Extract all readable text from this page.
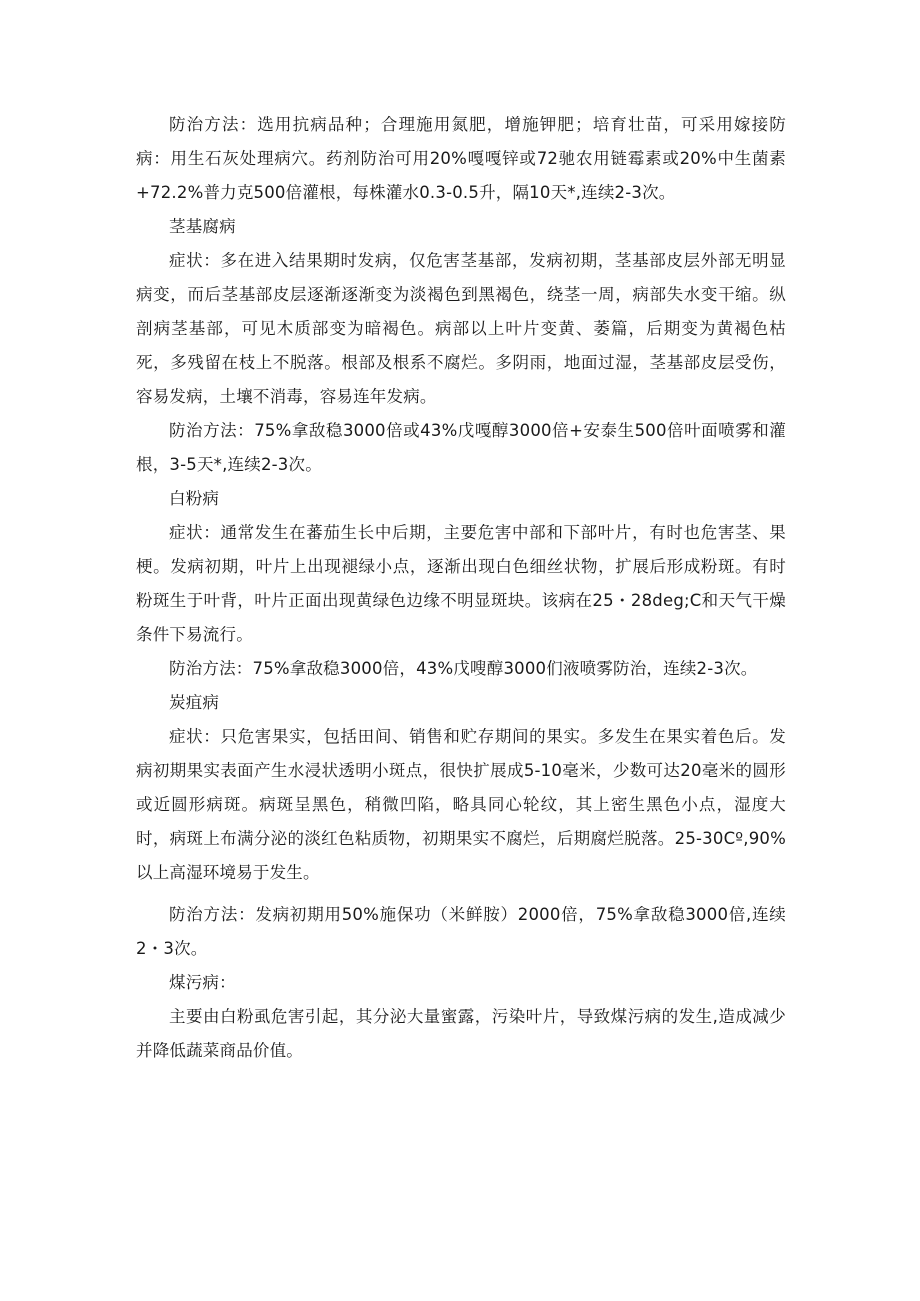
防治方法：选用抗病品种；合理施用氮肥，增施钾肥；培育壮苗，可采用嫁接防病：用生石灰处理病穴。药剂防治可用20%嘎嘎锌或72驰农用链霉素或20%中生菌素+72.2%普力克500倍灌根，每株灌水0.3-0.5升，隔10天*,连续2-3次。

茎基腐病

症状：多在进入结果期时发病，仅危害茎基部，发病初期，茎基部皮层外部无明显病变，而后茎基部皮层逐渐逐渐变为淡褐色到黑褐色，绕茎一周，病部失水变干缩。纵剖病茎基部，可见木质部变为暗褐色。病部以上叶片变黄、萎篇，后期变为黄褐色枯死，多残留在枝上不脱落。根部及根系不腐烂。多阴雨，地面过湿，茎基部皮层受伤，容易发病，土壤不消毒，容易连年发病。

防治方法：75%拿敌稳3000倍或43%戊嘎醇3000倍+安泰生500倍叶面喷雾和灌根，3-5天*,连续2-3次。

白粉病

症状：通常发生在蕃茄生长中后期，主要危害中部和下部叶片，有时也危害茎、果梗。发病初期，叶片上出现褪绿小点，逐渐出现白色细丝状物，扩展后形成粉斑。有时粉斑生于叶背，叶片正面出现黄绿色边缘不明显斑块。该病在25・28deg;C和天气干燥条件下易流行。

防治方法：75%拿敌稳3000倍，43%戊嗖醇3000们液喷雾防治，连续2-3次。

炭疽病

症状：只危害果实，包括田间、销售和贮存期间的果实。多发生在果实着色后。发病初期果实表面产生水浸状透明小斑点，很快扩展成5-10毫米，少数可达20毫米的圆形或近圆形病斑。病斑呈黑色，稍微凹陷，略具同心轮纹，其上密生黑色小点，湿度大时，病斑上布满分泌的淡红色粘质物，初期果实不腐烂，后期腐烂脱落。25-30Cº,90%以上高湿环境易于发生。

防治方法：发病初期用50%施保功（米鲜胺）2000倍，75%拿敌稳3000倍,连续2・3次。

煤污病：

主要由白粉虱危害引起，其分泌大量蜜露，污染叶片，导致煤污病的发生,造成减少并降低蔬菜商品价值。
